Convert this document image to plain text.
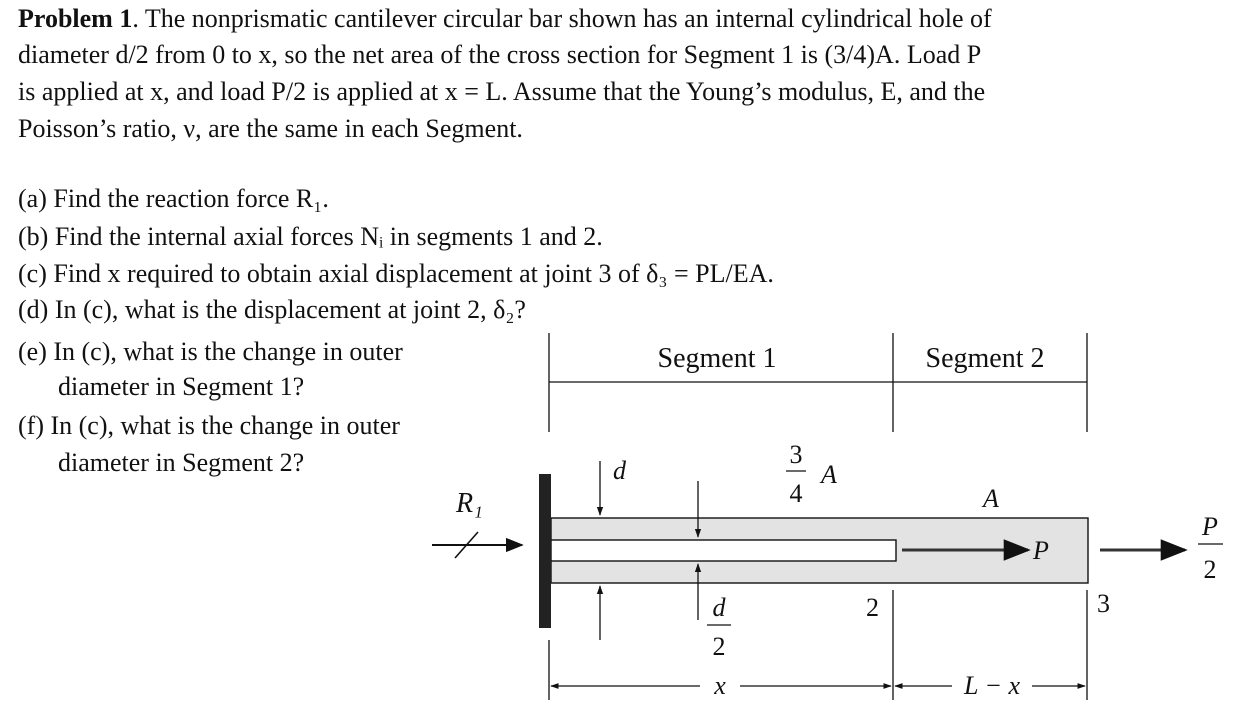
Problem 1. The nonprismatic cantilever circular bar shown has an internal cylindrical hole of
diameter d/2 from 0 to x, so the net area of the cross section for Segment 1 is (3/4)A. Load P
is applied at x, and load P/2 is applied at x = L. Assume that the Young’s modulus, E, and the
Poisson’s ratio, ν, are the same in each Segment.
(a) Find the reaction force R₁.
(b) Find the internal axial forces Nᵢ in segments 1 and 2.
(c) Find x required to obtain axial displacement at joint 3 of δ₃ = PL/EA.
(d) In (c), what is the displacement at joint 2, δ₂?
(e) In (c), what is the change in outer
diameter in Segment 1?
(f) In (c), what is the change in outer
diameter in Segment 2?
Segment 1	Segment 2
R₁
d
d
2
3
4
A
A
P
P
2
2	3
x	L − x
